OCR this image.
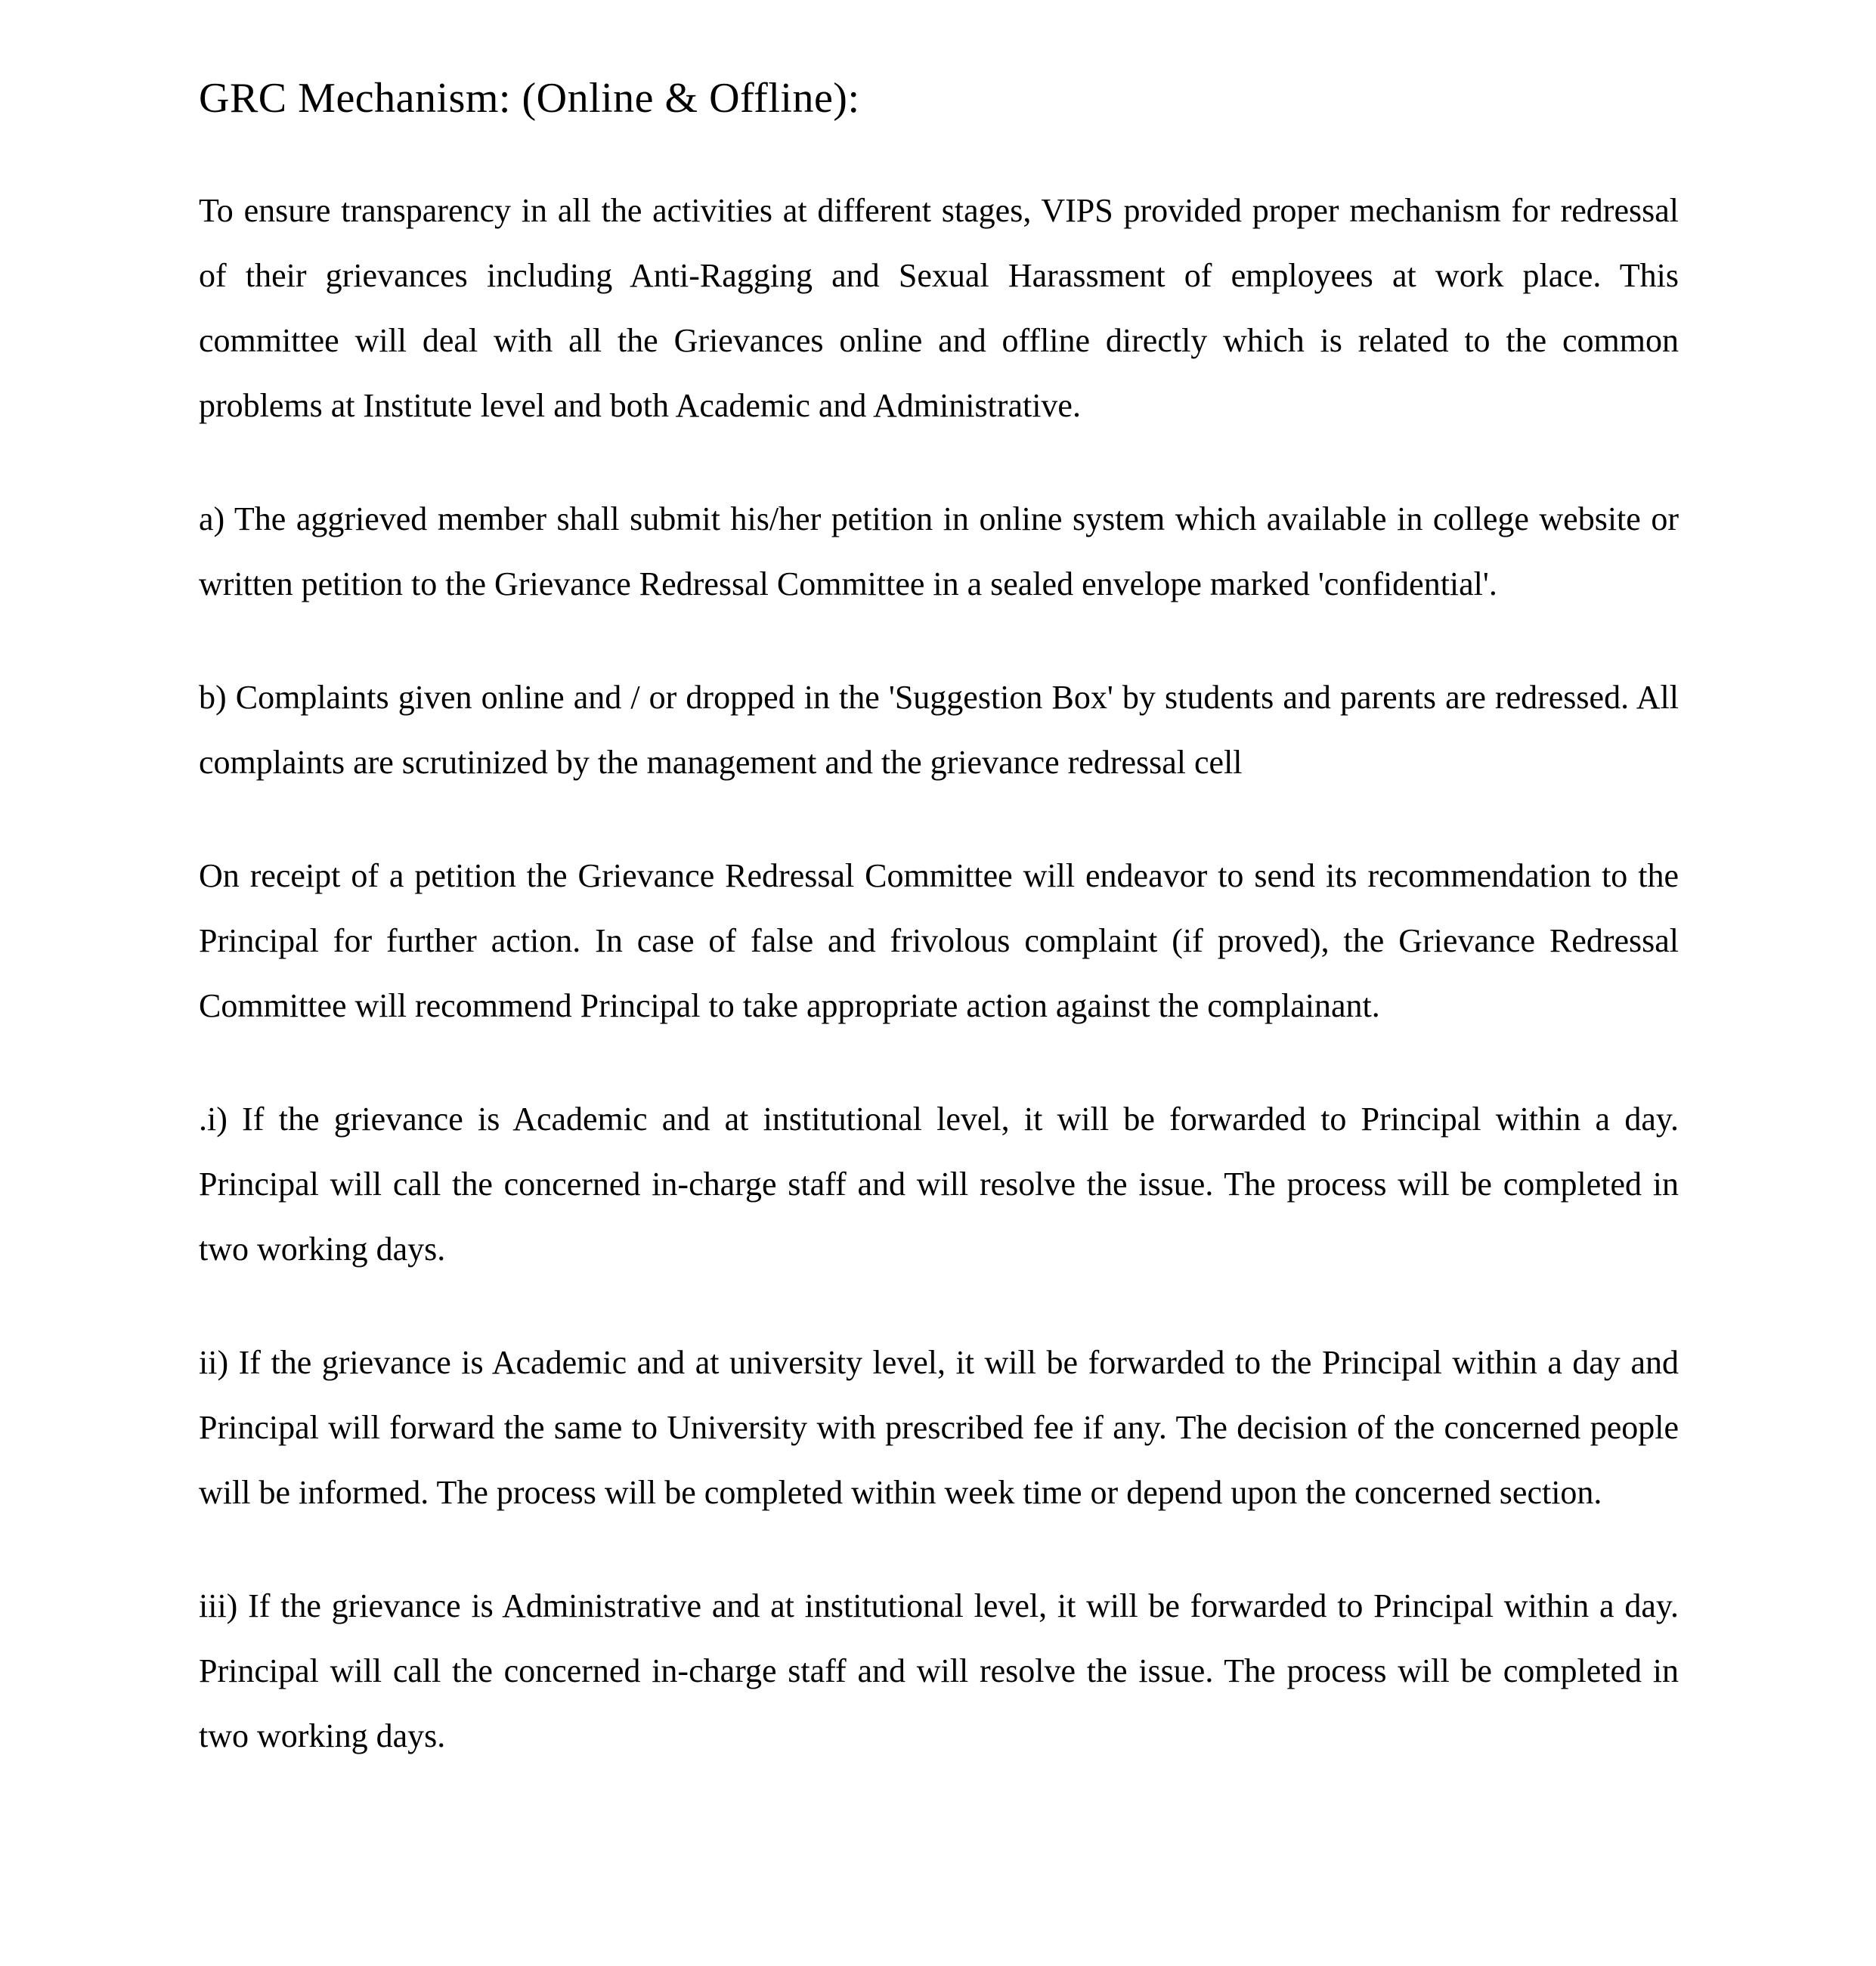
GRC Mechanism: (Online & Offline):

To ensure transparency in all the activities at different stages, VIPS provided proper mechanism for redressal of their grievances including Anti-Ragging and Sexual Harassment of employees at work place. This committee will deal with all the Grievances online and offline directly which is related to the common problems at Institute level and both Academic and Administrative.

a) The aggrieved member shall submit his/her petition in online system which available in college website or written petition to the Grievance Redressal Committee in a sealed envelope marked 'confidential'.

b) Complaints given online and / or dropped in the 'Suggestion Box' by students and parents are redressed. All complaints are scrutinized by the management and the grievance redressal cell

On receipt of a petition the Grievance Redressal Committee will endeavor to send its recommendation to the Principal for further action. In case of false and frivolous complaint (if proved), the Grievance Redressal Committee will recommend Principal to take appropriate action against the complainant.

.i) If the grievance is Academic and at institutional level, it will be forwarded to Principal within a day. Principal will call the concerned in-charge staff and will resolve the issue. The process will be completed in two working days.

ii) If the grievance is Academic and at university level, it will be forwarded to the Principal within a day and Principal will forward the same to University with prescribed fee if any. The decision of the concerned people will be informed. The process will be completed within week time or depend upon the concerned section.

iii) If the grievance is Administrative and at institutional level, it will be forwarded to Principal within a day. Principal will call the concerned in-charge staff and will resolve the issue. The process will be completed in two working days.
